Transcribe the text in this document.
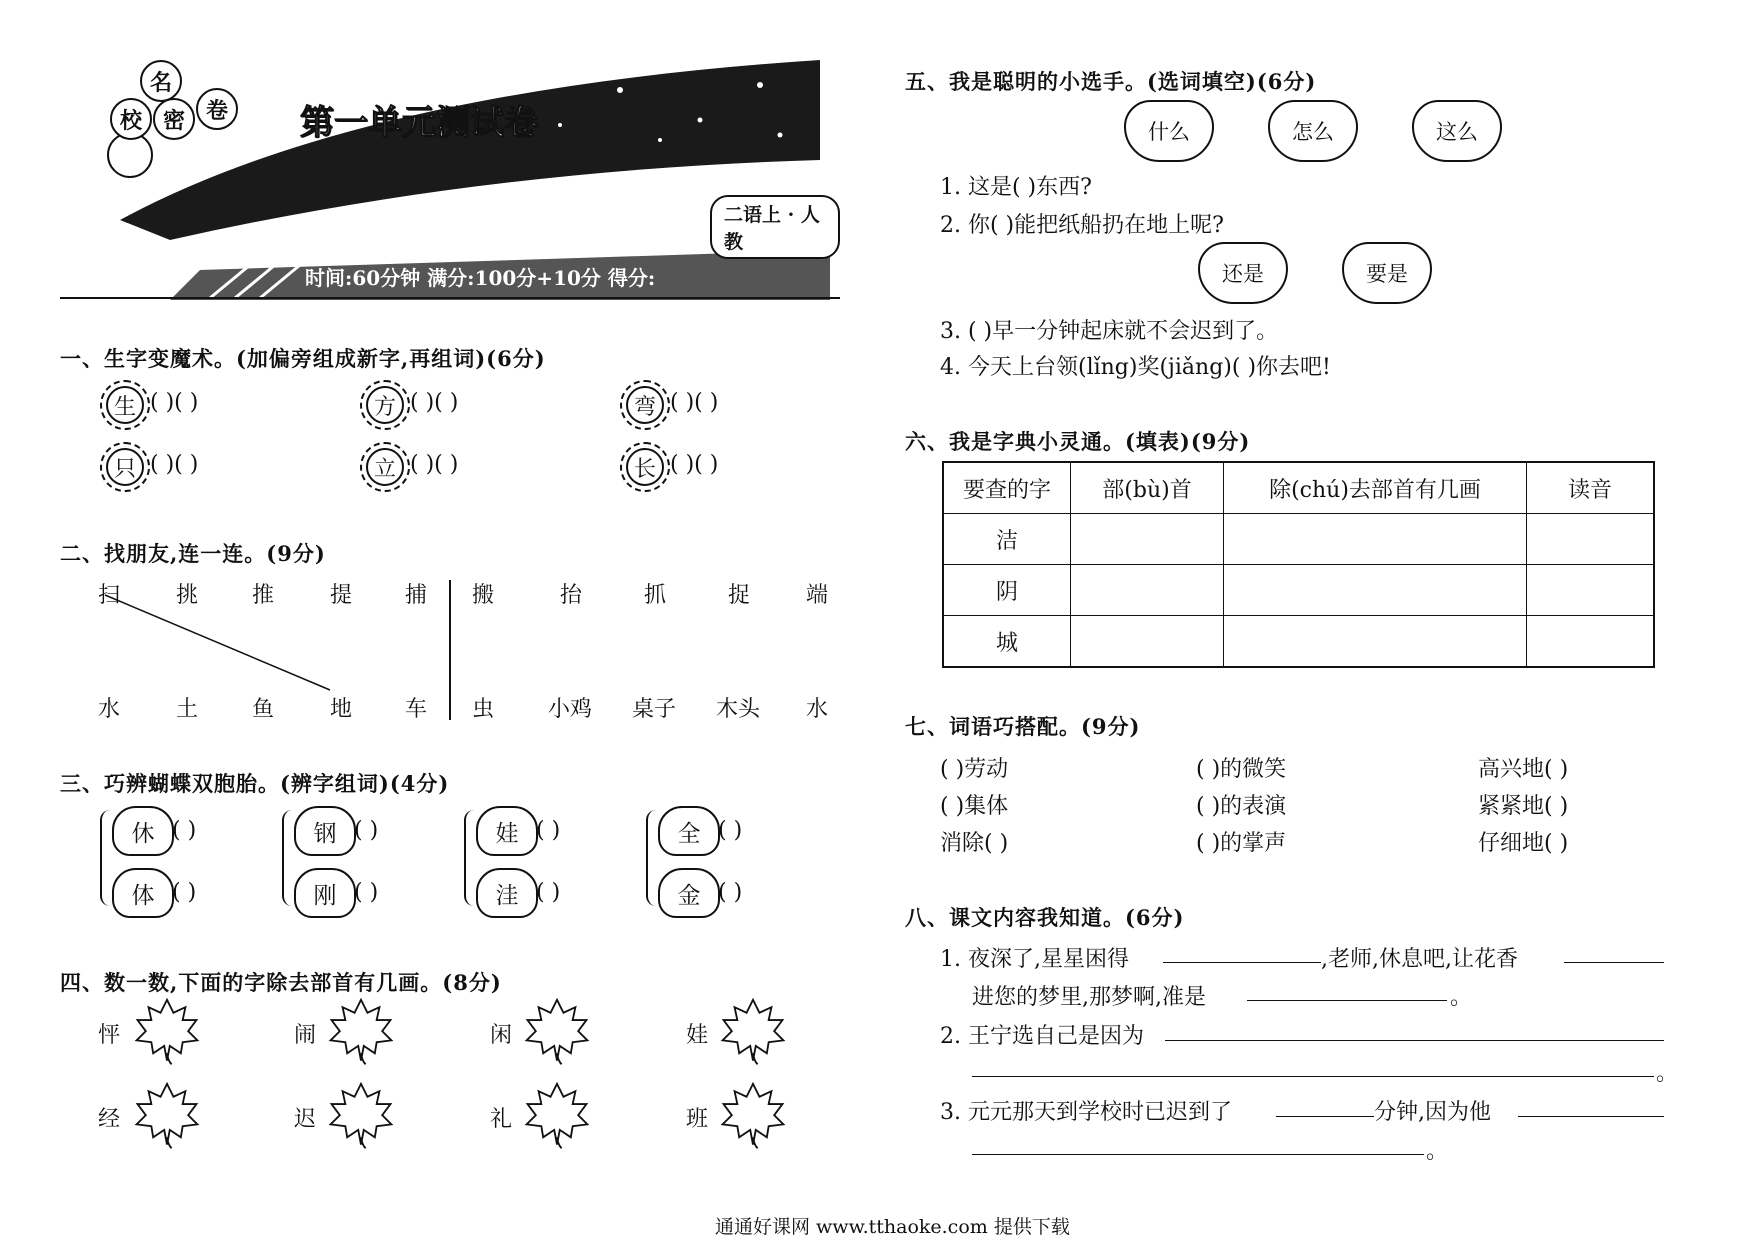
名
校 密 卷 第一单元测试卷
二语上 · 人教
时间:60分钟 满分:100分+10分 得分:
一、生字变魔术。(加偏旁组成新字,再组词)(6分)
生 ( )( )	方 ( )( )	弯 ( )( )
只 ( )( )	立 ( )( )	长 ( )( )
二、找朋友,连一连。(9分)
扫	挑 推	提 捕 搬	抬	抓	捉	端
水	土 鱼	地 车 虫 小鸡 桌子 木头 水
三、巧辨蝴蝶双胞胎。(辨字组词)(4分)
休 ( )
体 ( )
钢 ( )
刚 ( )
娃 ( )
洼 ( )
全 ( )
金 ( )
四、数一数,下面的字除去部首有几画。(8分)
怦	闹	闲	娃
经	迟	礼	班
五、我是聪明的小选手。(选词填空)(6分)
什么	怎么	这么
1. 这是( )东西?
2. 你( )能把纸船扔在地上呢?
还是	要是
3. ( )早一分钟起床就不会迟到了。
4. 今天上台领(lǐng)奖(jiǎng)( )你去吧!
六、我是字典小灵通。(填表)(9分)
要查的字	部(bù)首	除(chú)去部首有几画	读音
洁			
阴			
城			
七、词语巧搭配。(9分)
( )劳动	( )的微笑	高兴地( )
( )集体	( )的表演	紧紧地( )
消除( )	( )的掌声	仔细地( )
八、课文内容我知道。(6分)
1. 夜深了,星星困得	,老师,休息吧,让花香
进您的梦里,那梦啊,准是	。
2. 王宁选自己是因为
。
3. 元元那天到学校时已迟到了	分钟,因为他
。
通通好课网 www.tthaoke.com 提供下载
